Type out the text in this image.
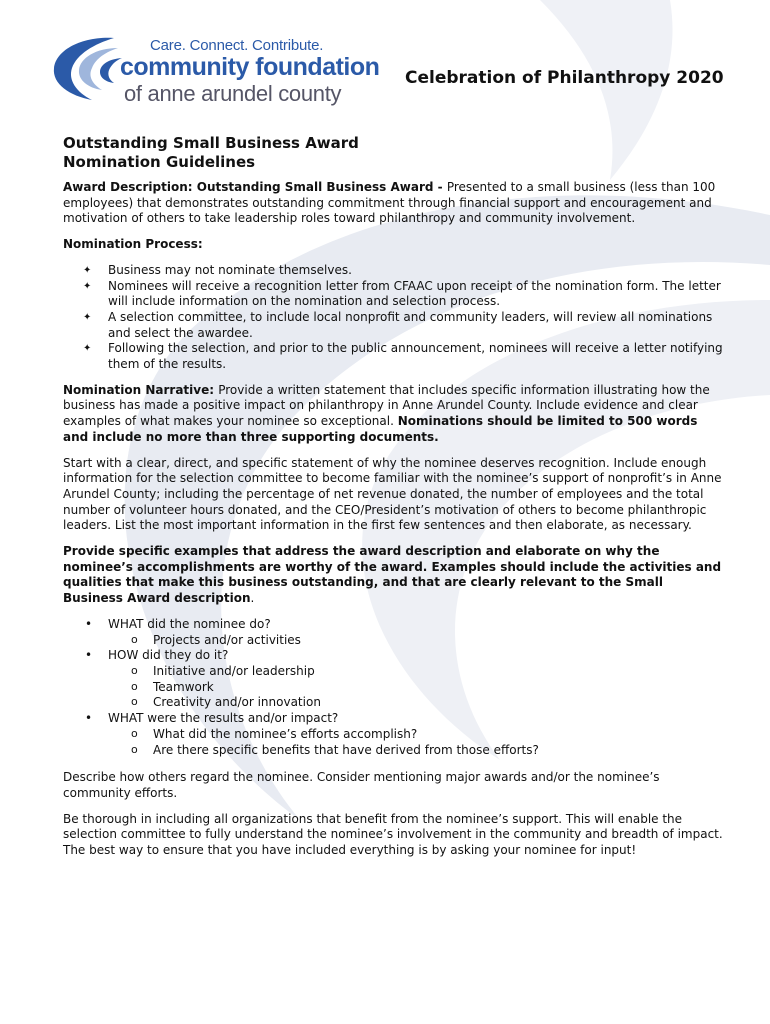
Care. Connect. Contribute.
community foundation
of anne arundel county
Celebration of Philanthropy 2020
Outstanding Small Business Award
Nomination Guidelines

Award Description: Outstanding Small Business Award - Presented to a small business (less than 100 employees) that demonstrates outstanding commitment through financial support and encouragement and motivation of others to take leadership roles toward philanthropy and community involvement.

Nomination Process:
✦ Business may not nominate themselves.
✦ Nominees will receive a recognition letter from CFAAC upon receipt of the nomination form. The letter will include information on the nomination and selection process.
✦ A selection committee, to include local nonprofit and community leaders, will review all nominations and select the awardee.
✦ Following the selection, and prior to the public announcement, nominees will receive a letter notifying them of the results.

Nomination Narrative: Provide a written statement that includes specific information illustrating how the business has made a positive impact on philanthropy in Anne Arundel County. Include evidence and clear examples of what makes your nominee so exceptional. Nominations should be limited to 500 words and include no more than three supporting documents.

Start with a clear, direct, and specific statement of why the nominee deserves recognition. Include enough information for the selection committee to become familiar with the nominee’s support of nonprofit’s in Anne Arundel County; including the percentage of net revenue donated, the number of employees and the total number of volunteer hours donated, and the CEO/President’s motivation of others to become philanthropic leaders. List the most important information in the first few sentences and then elaborate, as necessary.

Provide specific examples that address the award description and elaborate on why the nominee’s accomplishments are worthy of the award. Examples should include the activities and qualities that make this business outstanding, and that are clearly relevant to the Small Business Award description.

• WHAT did the nominee do?
o Projects and/or activities
• HOW did they do it?
o Initiative and/or leadership
o Teamwork
o Creativity and/or innovation
• WHAT were the results and/or impact?
o What did the nominee’s efforts accomplish?
o Are there specific benefits that have derived from those efforts?

Describe how others regard the nominee. Consider mentioning major awards and/or the nominee’s community efforts.

Be thorough in including all organizations that benefit from the nominee’s support. This will enable the selection committee to fully understand the nominee’s involvement in the community and breadth of impact. The best way to ensure that you have included everything is by asking your nominee for input!
